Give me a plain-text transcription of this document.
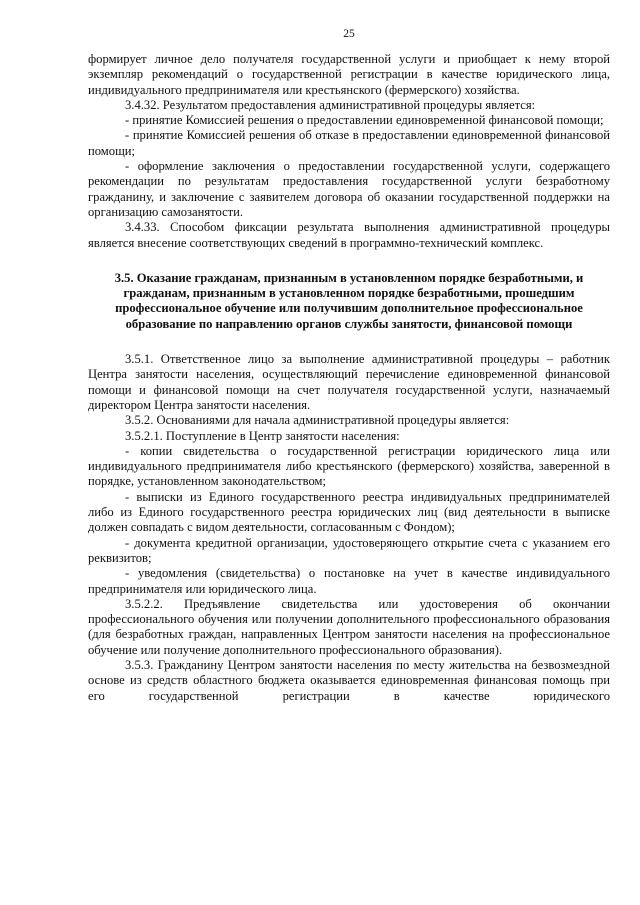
25

формирует личное дело получателя государственной услуги и приобщает к нему второй экземпляр рекомендаций о государственной регистрации в качестве юридического лица, индивидуального предпринимателя или крестьянского (фермерского) хозяйства.

3.4.32. Результатом предоставления административной процедуры является:

- принятие Комиссией решения о предоставлении единовременной финансовой помощи;

- принятие Комиссией решения об отказе в предоставлении единовременной финансовой помощи;

- оформление заключения о предоставлении государственной услуги, содержащего рекомендации по результатам предоставления государственной услуги безработному гражданину, и заключение с заявителем договора об оказании государственной поддержки на организацию самозанятости.

3.4.33. Способом фиксации результата выполнения административной процедуры является внесение соответствующих сведений в программно-технический комплекс.

3.5. Оказание гражданам, признанным в установленном порядке безработными, и гражданам, признанным в установленном порядке безработными, прошедшим профессиональное обучение или получившим дополнительное профессиональное образование по направлению органов службы занятости, финансовой помощи

3.5.1. Ответственное лицо за выполнение административной процедуры – работник Центра занятости населения, осуществляющий перечисление единовременной финансовой помощи и финансовой помощи на счет получателя государственной услуги, назначаемый директором Центра занятости населения.

3.5.2. Основаниями для начала административной процедуры является:

3.5.2.1. Поступление в Центр занятости населения:

- копии свидетельства о государственной регистрации юридического лица или индивидуального предпринимателя либо крестьянского (фермерского) хозяйства, заверенной в порядке, установленном законодательством;

- выписки из Единого государственного реестра индивидуальных предпринимателей либо из Единого государственного реестра юридических лиц (вид деятельности в выписке должен совпадать с видом деятельности, согласованным с Фондом);

- документа кредитной организации, удостоверяющего открытие счета с указанием его реквизитов;

- уведомления (свидетельства) о постановке на учет в качестве индивидуального предпринимателя или юридического лица.

3.5.2.2. Предъявление свидетельства или удостоверения об окончании профессионального обучения или получении дополнительного профессионального образования (для безработных граждан, направленных Центром занятости населения на профессиональное обучение или получение дополнительного профессионального образования).

3.5.3. Гражданину Центром занятости населения по месту жительства на безвозмездной основе из средств областного бюджета оказывается единовременная финансовая помощь при его государственной регистрации в качестве юридического
